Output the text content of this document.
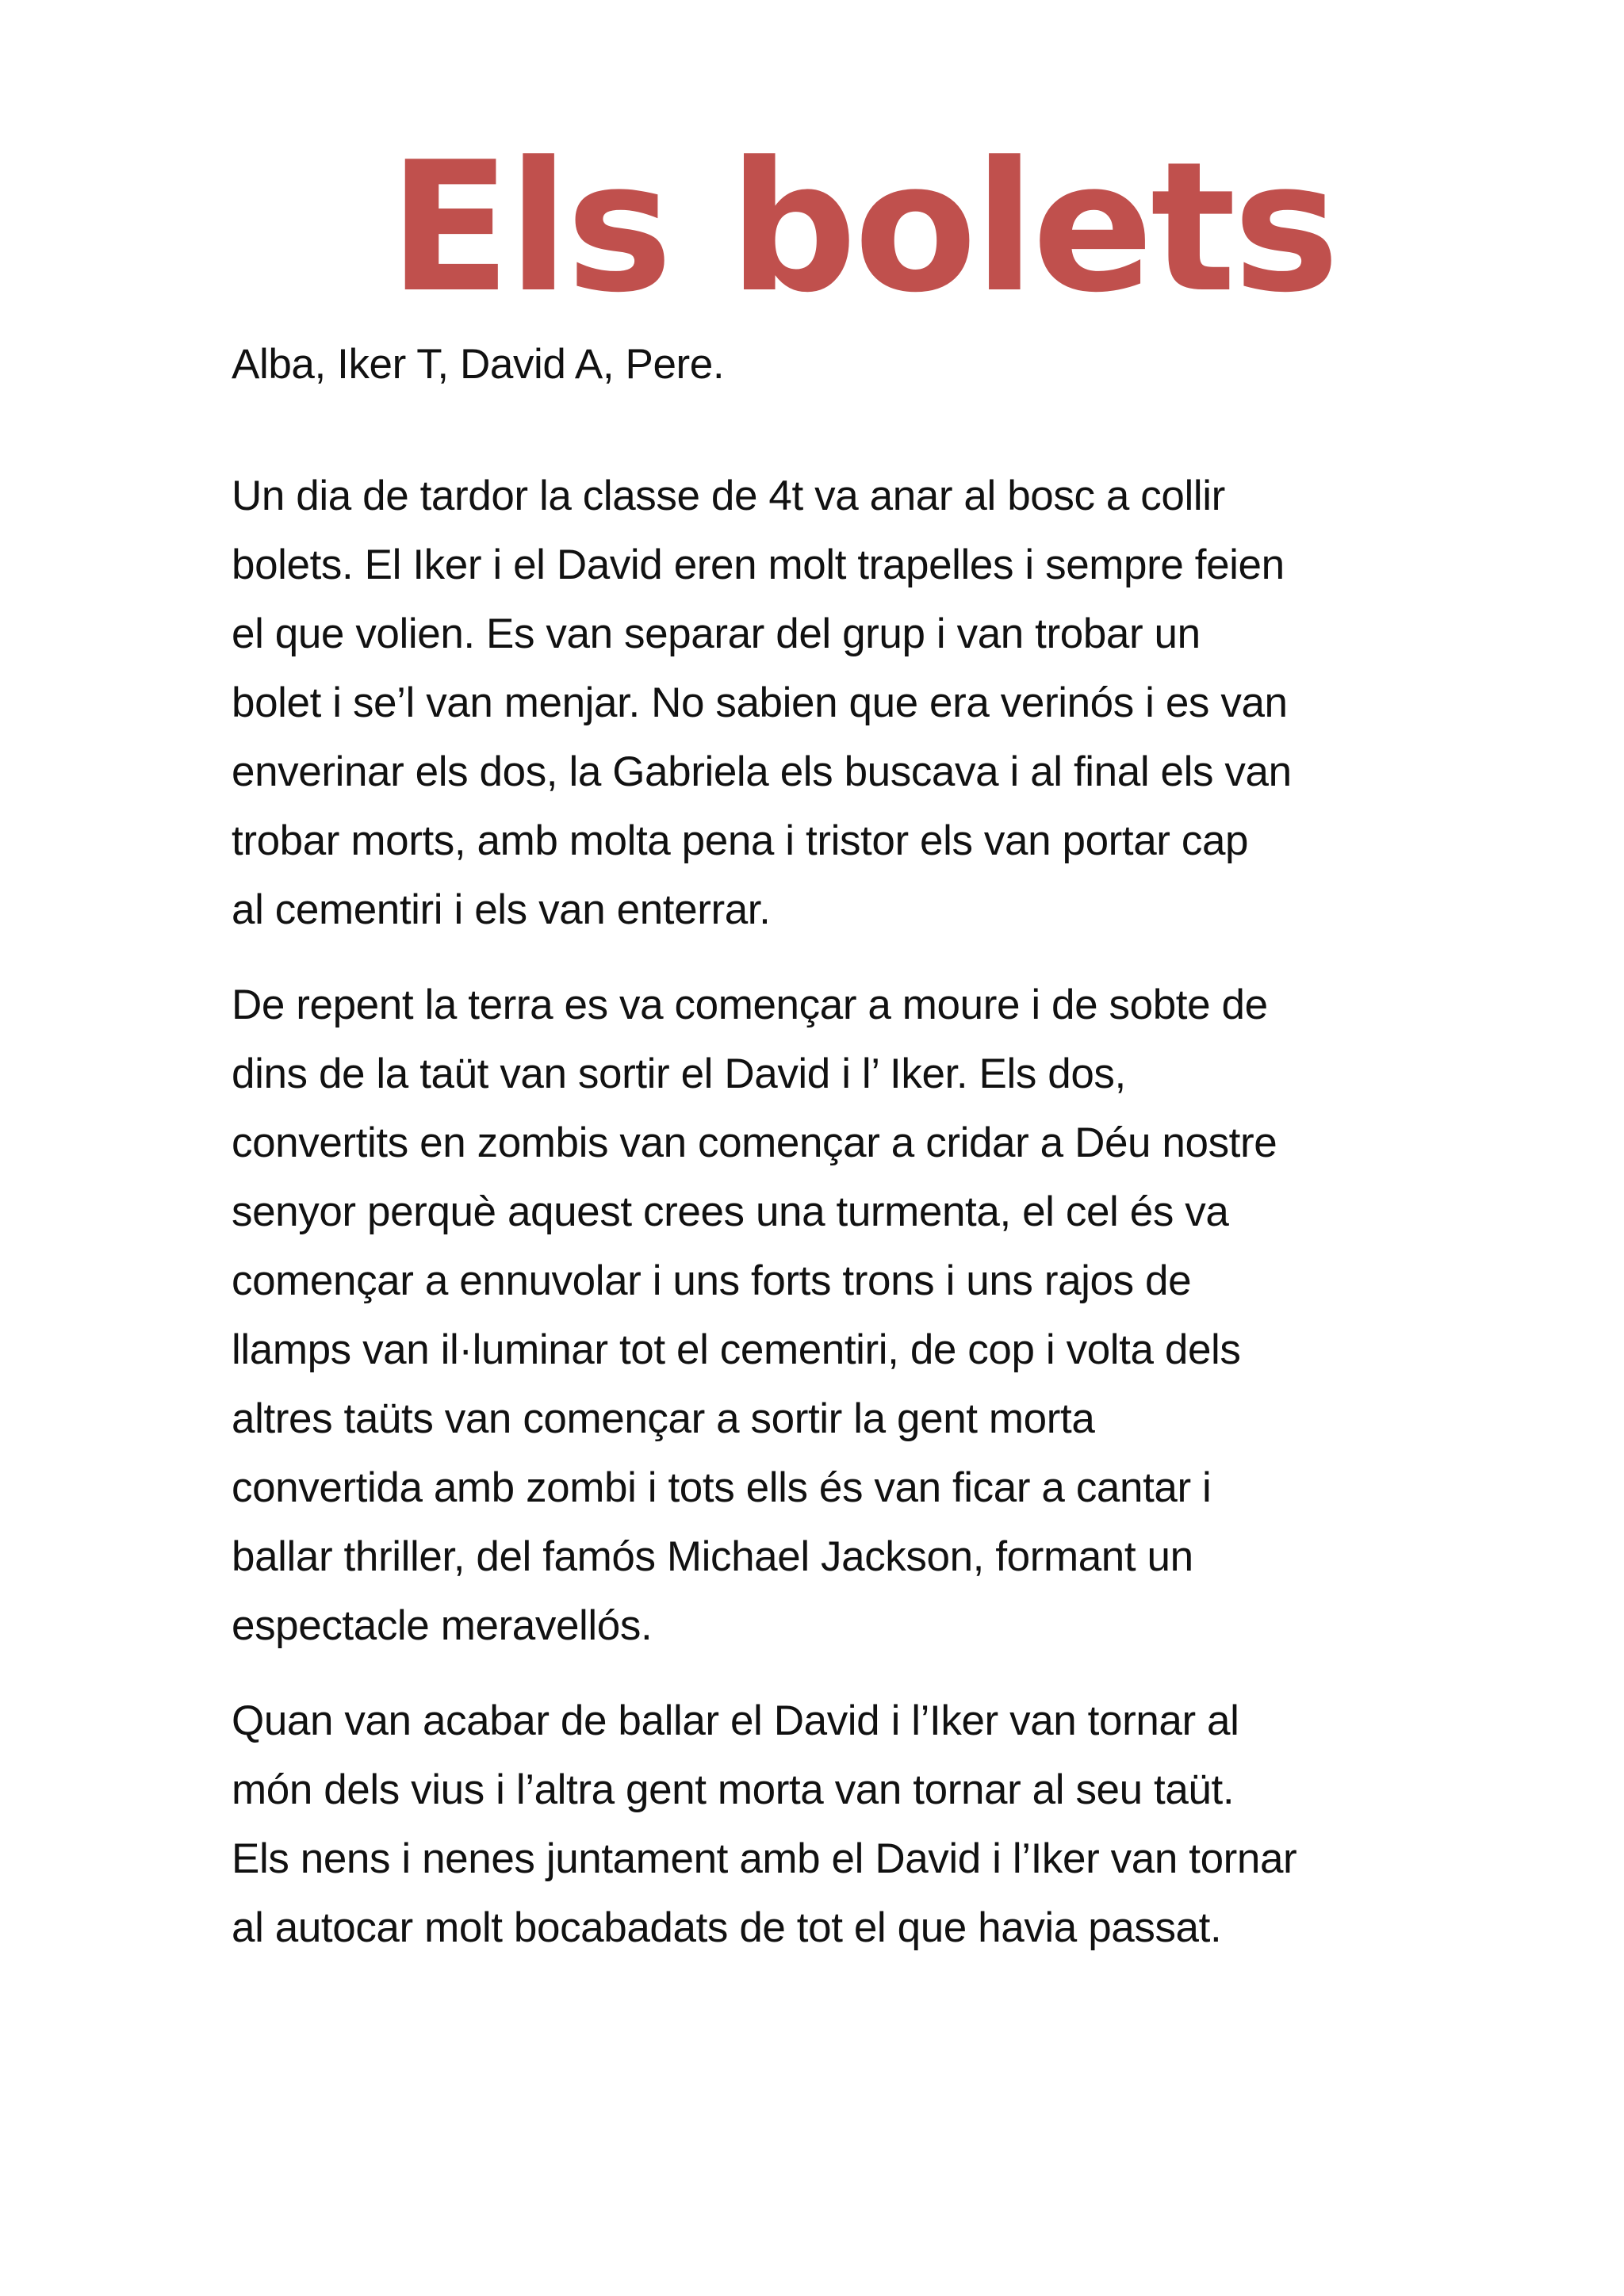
Els bolets

Alba, Iker T, David A, Pere.

Un dia de tardor la classe de 4t va anar al bosc a collir
bolets. El Iker i el David eren molt trapelles i sempre feien
el que volien. Es van separar del grup i van trobar un
bolet i se’l van menjar. No sabien que era verinós i es van
enverinar els dos, la Gabriela els buscava i al final els van
trobar morts, amb molta pena i tristor els van portar cap
al cementiri i els van enterrar.

De repent la terra es va començar a moure i de sobte de
dins de la taüt van sortir el David i l’ Iker. Els dos,
convertits en zombis van començar a cridar a Déu nostre
senyor perquè aquest crees una turmenta, el cel és va
començar a ennuvolar i uns forts trons i uns rajos de
llamps van il·luminar tot el cementiri, de cop i volta dels
altres taüts van començar a sortir la gent morta
convertida amb zombi i tots ells és van ficar a cantar i
ballar thriller, del famós Michael Jackson, formant un
espectacle meravellós.

Quan van acabar de ballar el David i l’Iker van tornar al
món dels vius i l’altra gent morta van tornar al seu taüt.
Els nens i nenes juntament amb el David i l’Iker van tornar
al autocar molt bocabadats de tot el que havia passat.
